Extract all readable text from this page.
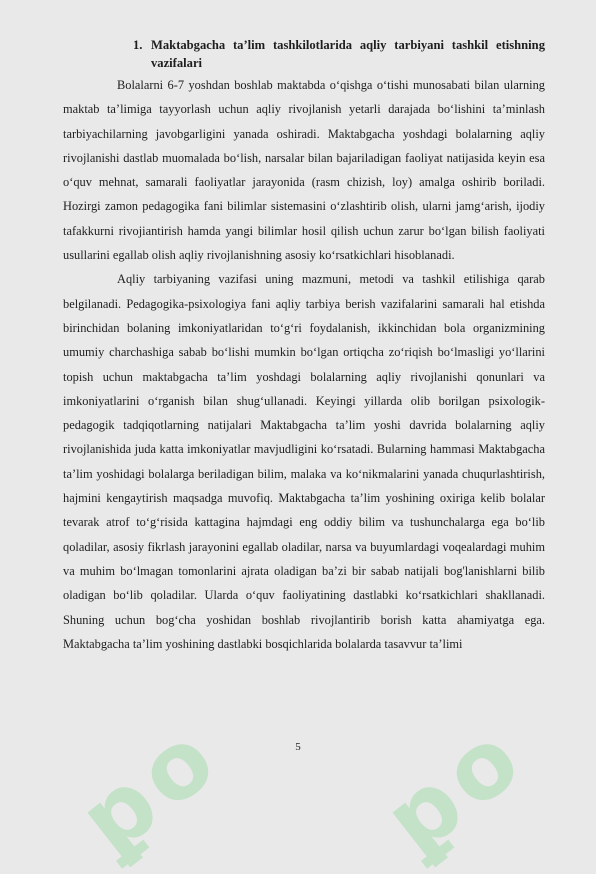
ꝑo ꝑo
1. Maktabgacha ta’lim tashkilotlarida aqliy tarbiyani tashkil etishning vazifalari

Bolalarni 6-7 yoshdan boshlab maktabda o‘qishga o‘tishi munosabati bilan ularning maktab ta’limiga tayyorlash uchun aqliy rivojlanish yetarli darajada bo‘lishini ta’minlash tarbiyachilarning javobgarligini yanada oshiradi. Maktabgacha yoshdagi bolalarning aqliy rivojlanishi dastlab muomalada bo‘lish, narsalar bilan bajariladigan faoliyat natijasida keyin esa o‘quv mehnat, samarali faoliyatlar jarayonida (rasm chizish, loy) amalga oshirib boriladi. Hozirgi zamon pedagogika fani bilimlar sistemasini o‘zlashtirib olish, ularni jamg‘arish, ijodiy tafakkurni rivojiantirish hamda yangi bilimlar hosil qilish uchun zarur bo‘lgan bilish faoliyati usullarini egallab olish aqliy rivojlanishning asosiy ko‘rsatkichlari hisoblanadi.

Aqliy tarbiyaning vazifasi uning mazmuni, metodi va tashkil etilishiga qarab belgilanadi. Pedagogika-psixologiya fani aqliy tarbiya berish vazifalarini samarali hal etishda birinchidan bolaning imkoniyatlaridan to‘g‘ri foydalanish, ikkinchidan bola organizmining umumiy charchashiga sabab bo‘lishi mumkin bo‘lgan ortiqcha zo‘riqish bo‘lmasligi yo‘llarini topish uchun maktabgacha ta’lim yoshdagi bolalarning aqliy rivojlanishi qonunlari va imkoniyatlarini o‘rganish bilan shug‘ullanadi. Keyingi yillarda olib borilgan psixologik-pedagogik tadqiqotlarning natijalari Maktabgacha ta’lim yoshi davrida bolalarning aqliy rivojlanishida juda katta imkoniyatlar mavjudligini ko‘rsatadi. Bularning hammasi Maktabgacha ta’lim yoshidagi bolalarga beriladigan bilim, malaka va ko‘nikmalarini yanada chuqurlashtirish, hajmini kengaytirish maqsadga muvofiq. Maktabgacha ta’lim yoshining oxiriga kelib bolalar tevarak atrof to‘g‘risida kattagina hajmdagi eng oddiy bilim va tushunchalarga ega bo‘lib qoladilar, asosiy fikrlash jarayonini egallab oladilar, narsa va buyumlardagi voqealardagi muhim va muhim bo‘lmagan tomonlarini ajrata oladigan ba’zi bir sabab natijali bog'lanishlarni bilib oladigan bo‘lib qoladilar. Ularda o‘quv faoliyatining dastlabki ko‘rsatkichlari shakllanadi. Shuning uchun bog‘cha yoshidan boshlab rivojlantirib borish katta ahamiyatga ega. Maktabgacha ta’lim yoshining dastlabki bosqichlarida bolalarda tasavvur ta’limi

5
